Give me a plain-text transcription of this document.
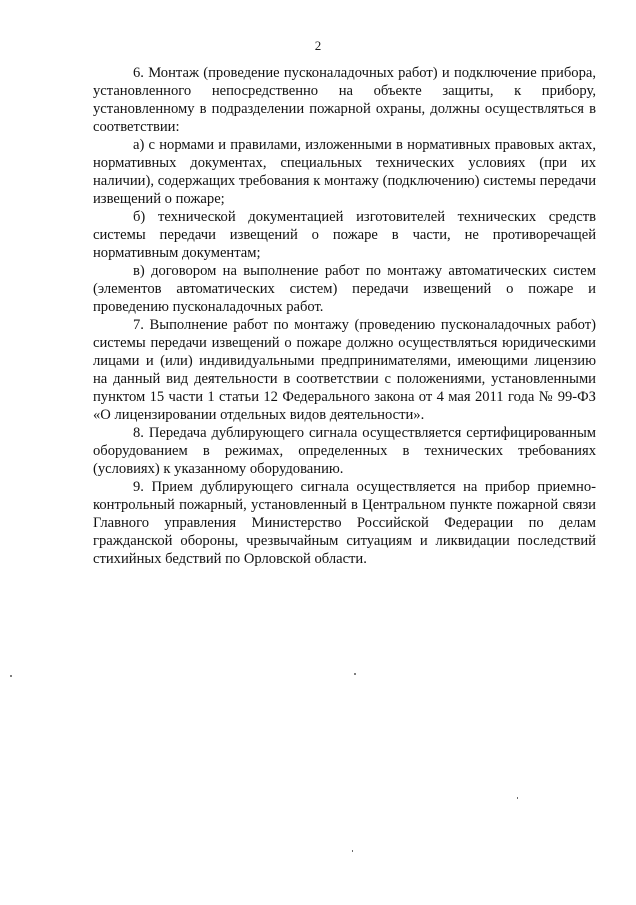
2

6. Монтаж (проведение пусконаладочных работ) и подключение прибора, установленного непосредственно на объекте защиты, к прибору, установленному в подразделении пожарной охраны, должны осуществляться в соответствии:

а) с нормами и правилами, изложенными в нормативных правовых актах, нормативных документах, специальных технических условиях (при их наличии), содержащих требования к монтажу (подключению) системы передачи извещений о пожаре;

б) технической документацией изготовителей технических средств системы передачи извещений о пожаре в части, не противоречащей нормативным документам;

в) договором на выполнение работ по монтажу автоматических систем (элементов автоматических систем) передачи извещений о пожаре и проведению пусконаладочных работ.

7. Выполнение работ по монтажу (проведению пусконаладочных работ) системы передачи извещений о пожаре должно осуществляться юридическими лицами и (или) индивидуальными предпринимателями, имеющими лицензию на данный вид деятельности в соответствии с положениями, установленными пунктом 15 части 1 статьи 12 Федерального закона от 4 мая 2011 года № 99-ФЗ «О лицензировании отдельных видов деятельности».

8. Передача дублирующего сигнала осуществляется сертифицированным оборудованием в режимах, определенных в технических требованиях (условиях) к указанному оборудованию.

9. Прием дублирующего сигнала осуществляется на прибор приемно-контрольный пожарный, установленный в Центральном пункте пожарной связи Главного управления Министерство Российской Федерации по делам гражданской обороны, чрезвычайным ситуациям и ликвидации последствий стихийных бедствий по Орловской области.
